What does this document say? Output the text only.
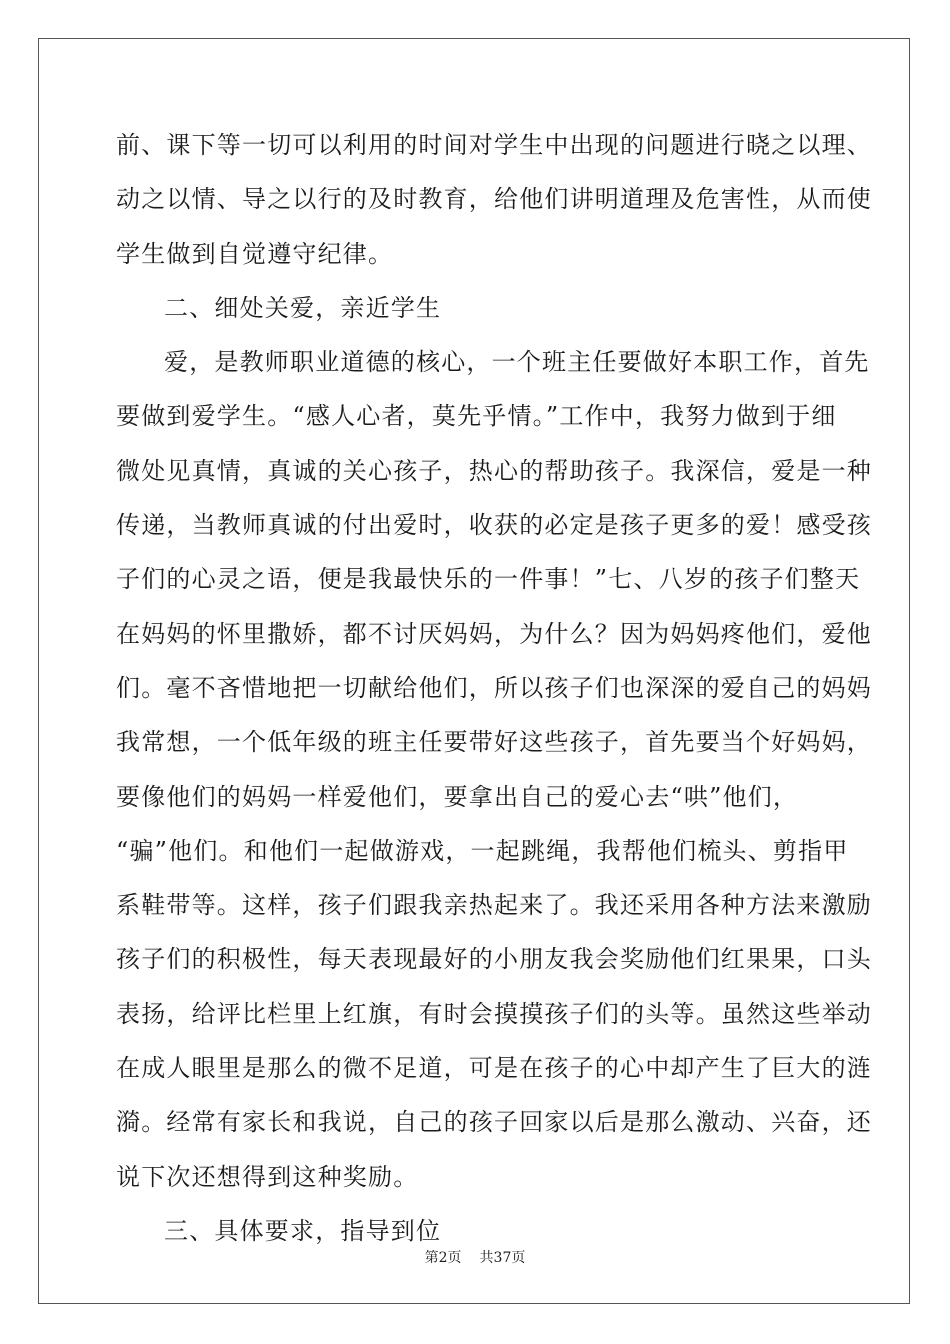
前、课下等一切可以利用的时间对学生中出现的问题进行晓之以理、
动之以情、导之以行的及时教育，给他们讲明道理及危害性，从而使
学生做到自觉遵守纪律。
二、细处关爱，亲近学生
爱，是教师职业道德的核心，一个班主任要做好本职工作，首先
要做到爱学生。“感人心者，莫先乎情。”工作中，我努力做到于细
微处见真情，真诚的关心孩子，热心的帮助孩子。我深信，爱是一种
传递，当教师真诚的付出爱时，收获的必定是孩子更多的爱！感受孩
子们的心灵之语，便是我最快乐的一件事！”七、八岁的孩子们整天
在妈妈的怀里撒娇，都不讨厌妈妈，为什么？因为妈妈疼他们，爱他
们。毫不吝惜地把一切献给他们，所以孩子们也深深的爱自己的妈妈
我常想，一个低年级的班主任要带好这些孩子，首先要当个好妈妈，
要像他们的妈妈一样爱他们，要拿出自己的爱心去“哄”他们，
“骗”他们。和他们一起做游戏，一起跳绳，我帮他们梳头、剪指甲
系鞋带等。这样，孩子们跟我亲热起来了。我还采用各种方法来激励
孩子们的积极性，每天表现最好的小朋友我会奖励他们红果果，口头
表扬，给评比栏里上红旗，有时会摸摸孩子们的头等。虽然这些举动
在成人眼里是那么的微不足道，可是在孩子的心中却产生了巨大的涟
漪。经常有家长和我说，自己的孩子回家以后是那么激动、兴奋，还
说下次还想得到这种奖励。
三、具体要求，指导到位
第2页 共37页
